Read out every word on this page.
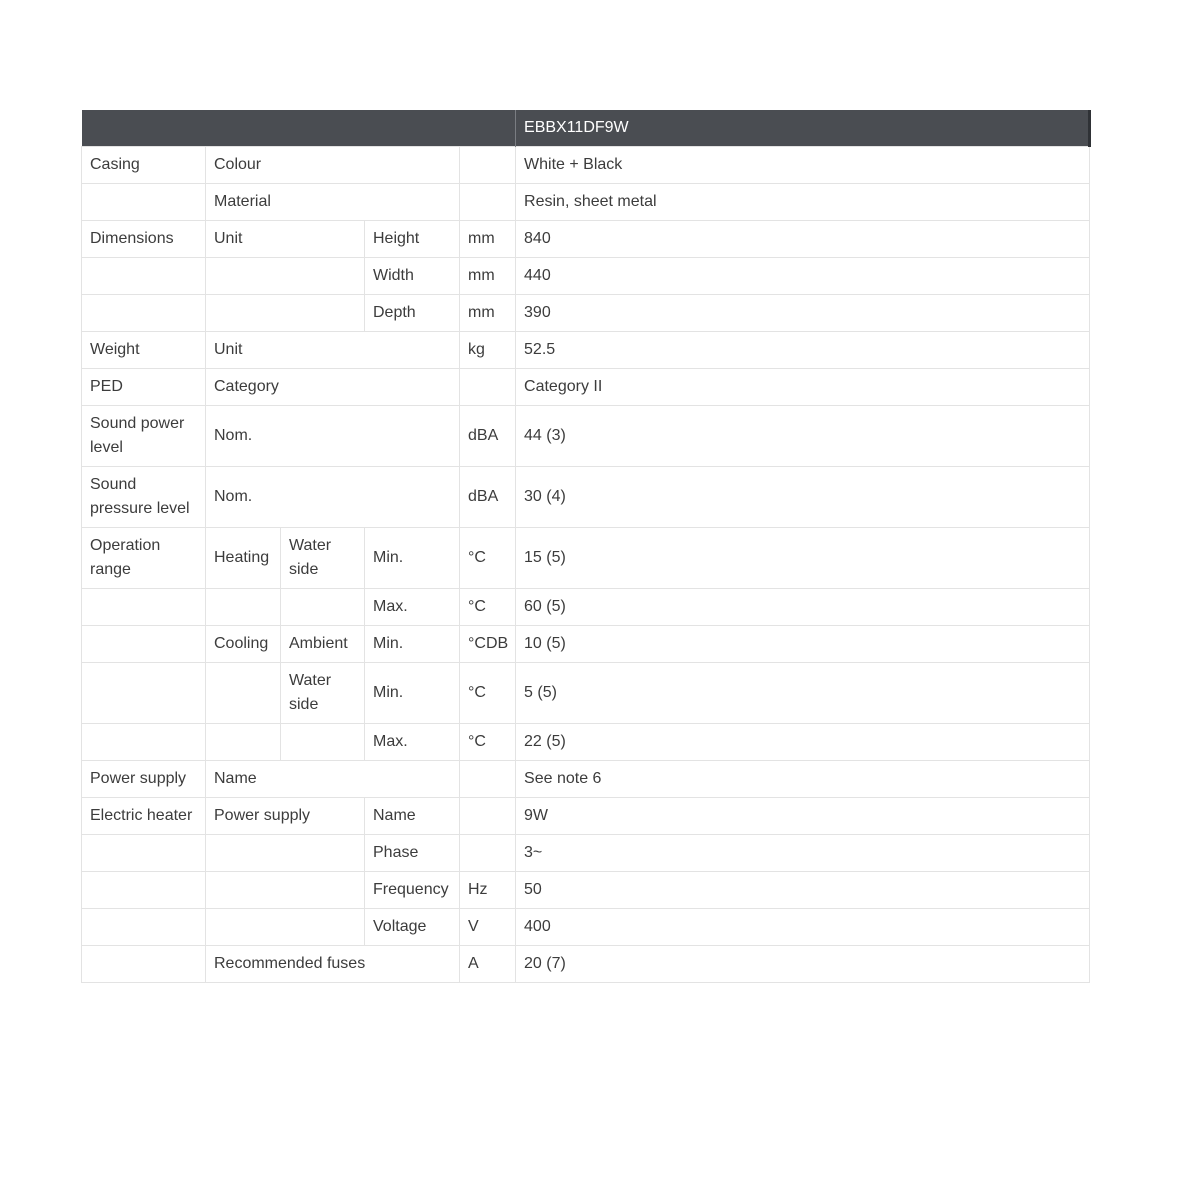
					EBBX11DF9W
Casing	Colour				White + Black
	Material				Resin, sheet metal
Dimensions	Unit		Height	mm	840
			Width	mm	440
			Depth	mm	390
Weight	Unit			kg	52.5
PED	Category				Category II
Sound power level	Nom.			dBA	44 (3)
Sound pressure level	Nom.			dBA	30 (4)
Operation range	Heating	Water side	Min.	°C	15 (5)
			Max.	°C	60 (5)
	Cooling	Ambient	Min.	°CDB	10 (5)
		Water side	Min.	°C	5 (5)
			Max.	°C	22 (5)
Power supply	Name				See note 6
Electric heater	Power supply		Name		9W
			Phase		3~
			Frequency	Hz	50
			Voltage	V	400
	Recommended fuses			A	20 (7)
